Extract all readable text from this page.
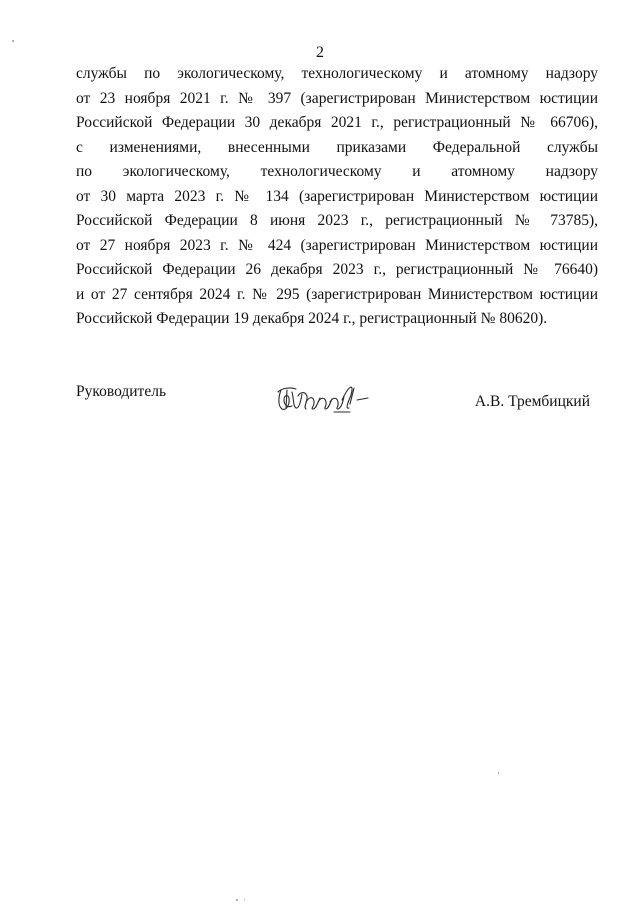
2
службы по экологическому, технологическому и атомному надзору
от 23 ноября 2021 г. № 397 (зарегистрирован Министерством юстиции
Российской Федерации 30 декабря 2021 г., регистрационный № 66706),
с изменениями, внесенными приказами Федеральной службы
по экологическому, технологическому и атомному надзору
от 30 марта 2023 г. № 134 (зарегистрирован Министерством юстиции
Российской Федерации 8 июня 2023 г., регистрационный № 73785),
от 27 ноября 2023 г. № 424 (зарегистрирован Министерством юстиции
Российской Федерации 26 декабря 2023 г., регистрационный № 76640)
и от 27 сентября 2024 г. № 295 (зарегистрирован Министерством юстиции
Российской Федерации 19 декабря 2024 г., регистрационный № 80620).
Руководитель
А.В. Трембицкий
